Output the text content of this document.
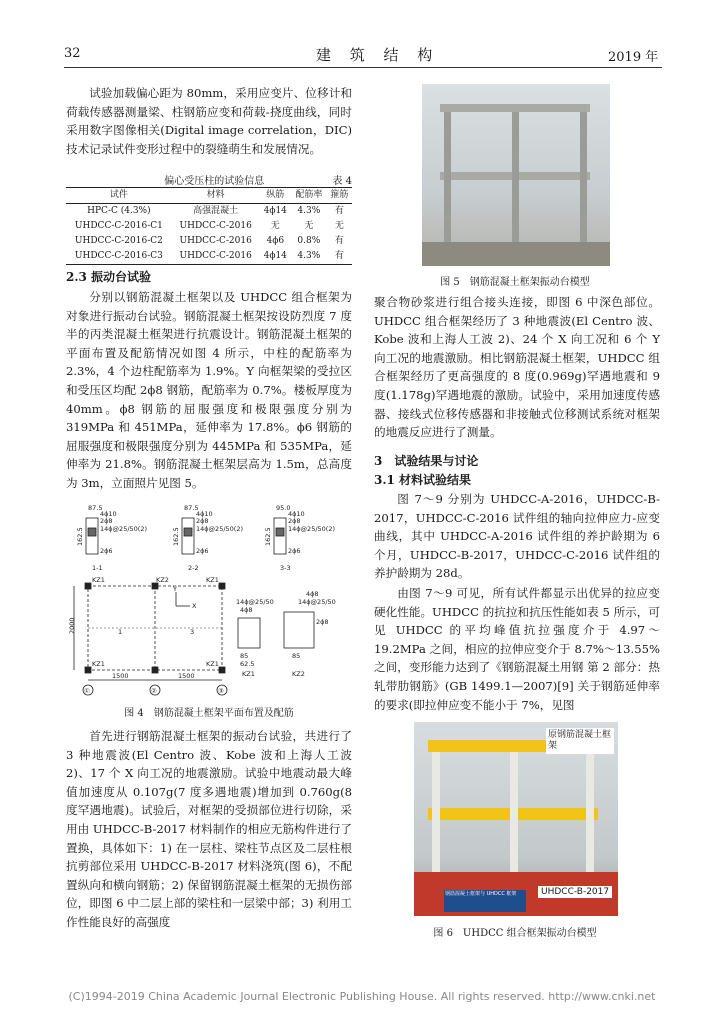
32	建 筑 结 构	2019 年

试验加载偏心距为 80mm，采用应变片、位移计和荷载传感器测量梁、柱钢筋应变和荷载-挠度曲线，同时采用数字图像相关(Digital image correlation，DIC)技术记录试件变形过程中的裂缝萌生和发展情况。

偏心受压柱的试验信息	表 4
试件	材料	纵筋	配筋率	箍筋
HPC-C (4.3%)	高强混凝土	4ϕ14	4.3%	有
UHDCC-C-2016-C1	UHDCC-C-2016	无	无	无
UHDCC-C-2016-C2	UHDCC-C-2016	4ϕ6	0.8%	有
UHDCC-C-2016-C3	UHDCC-C-2016	4ϕ14	4.3%	有
2.3 振动台试验

分别以钢筋混凝土框架以及 UHDCC 组合框架为对象进行振动台试验。钢筋混凝土框架按设防烈度 7 度半的丙类混凝土框架进行抗震设计。钢筋混凝土框架的平面布置及配筋情况如图 4 所示，中柱的配筋率为 2.3%，4 个边柱配筋率为 1.9%。Y 向框架梁的受拉区和受压区均配 2ϕ8 钢筋，配筋率为 0.7%。楼板厚度为 40mm。ϕ8 钢筋的屈服强度和极限强度分别为 319MPa 和 451MPa，延伸率为 17.8%。ϕ6 钢筋的屈服强度和极限强度分别为 445MPa 和 535MPa，延伸率为 21.8%。钢筋混凝土框架层高为 1.5m，总高度为 3m，立面照片见图 5。

87.5
4ϕ10
2ϕ8
14ϕ@25/50(2)
2ϕ6
162.5
1-1
87.5
4ϕ10
2ϕ8
14ϕ@25/50(2)
2ϕ6
162.5
2-2
95.0
4ϕ10
2ϕ8
14ϕ@25/50(2)
2ϕ6
162.5
3-3
KZ1	KZ2	KZ1
KZ1	KZ1
1	3
2000
1500	1500
①	②	③
X
Y
4ϕ8
14ϕ@25/50
85
62.5
KZ1
4ϕ8
14ϕ@25/50
2ϕ8
85
KZ2
图 4　钢筋混凝土框架平面布置及配筋

首先进行钢筋混凝土框架的振动台试验，共进行了 3 种地震波(El Centro 波、Kobe 波和上海人工波 2)、17 个 X 向工况的地震激励。试验中地震动最大峰值加速度从 0.107g(7 度多遇地震)增加到 0.760g(8 度罕遇地震)。试验后，对框架的受损部位进行切除，采用由 UHDCC-B-2017 材料制作的相应无筋构件进行了置换，具体如下：1) 在一层柱、梁柱节点区及二层柱根抗剪部位采用 UHDCC-B-2017 材料浇筑(图 6)，不配置纵向和横向钢筋；2) 保留钢筋混凝土框架的无损伤部位，即图 6 中二层上部的梁柱和一层梁中部；3) 利用工作性能良好的高强度

图 5　钢筋混凝土框架振动台模型

聚合物砂浆进行组合接头连接，即图 6 中深色部位。UHDCC 组合框架经历了 3 种地震波(El Centro 波、Kobe 波和上海人工波 2)、24 个 X 向工况和 6 个 Y 向工况的地震激励。相比钢筋混凝土框架，UHDCC 组合框架经历了更高强度的 8 度(0.969g)罕遇地震和 9 度(1.178g)罕遇地震的激励。试验中，采用加速度传感器、接线式位移传感器和非接触式位移测试系统对框架的地震反应进行了测量。

3　试验结果与讨论
3.1 材料试验结果

图 7～9 分别为 UHDCC-A-2016，UHDCC-B-2017，UHDCC-C-2016 试件组的轴向拉伸应力-应变曲线，其中 UHDCC-A-2016 试件组的养护龄期为 6 个月，UHDCC-B-2017，UHDCC-C-2016 试件组的养护龄期为 28d。

由图 7～9 可见，所有试件都显示出优异的拉应变硬化性能。UHDCC 的抗拉和抗压性能如表 5 所示，可见 UHDCC 的平均峰值抗拉强度介于 4.97～19.2MPa 之间，相应的拉伸应变介于 8.7%～13.55%之间，变形能力达到了《钢筋混凝土用钢 第 2 部分：热轧带肋钢筋》(GB 1499.1—2007)[9] 关于钢筋延伸率的要求(即拉伸应变不能小于 7%，见图

原钢筋混凝土框架
UHDCC-B-2017
钢筋混凝土框架与 UHDCC 框架
图 6　UHDCC 组合框架振动台模型
(C)1994-2019 China Academic Journal Electronic Publishing House. All rights reserved. http://www.cnki.net
